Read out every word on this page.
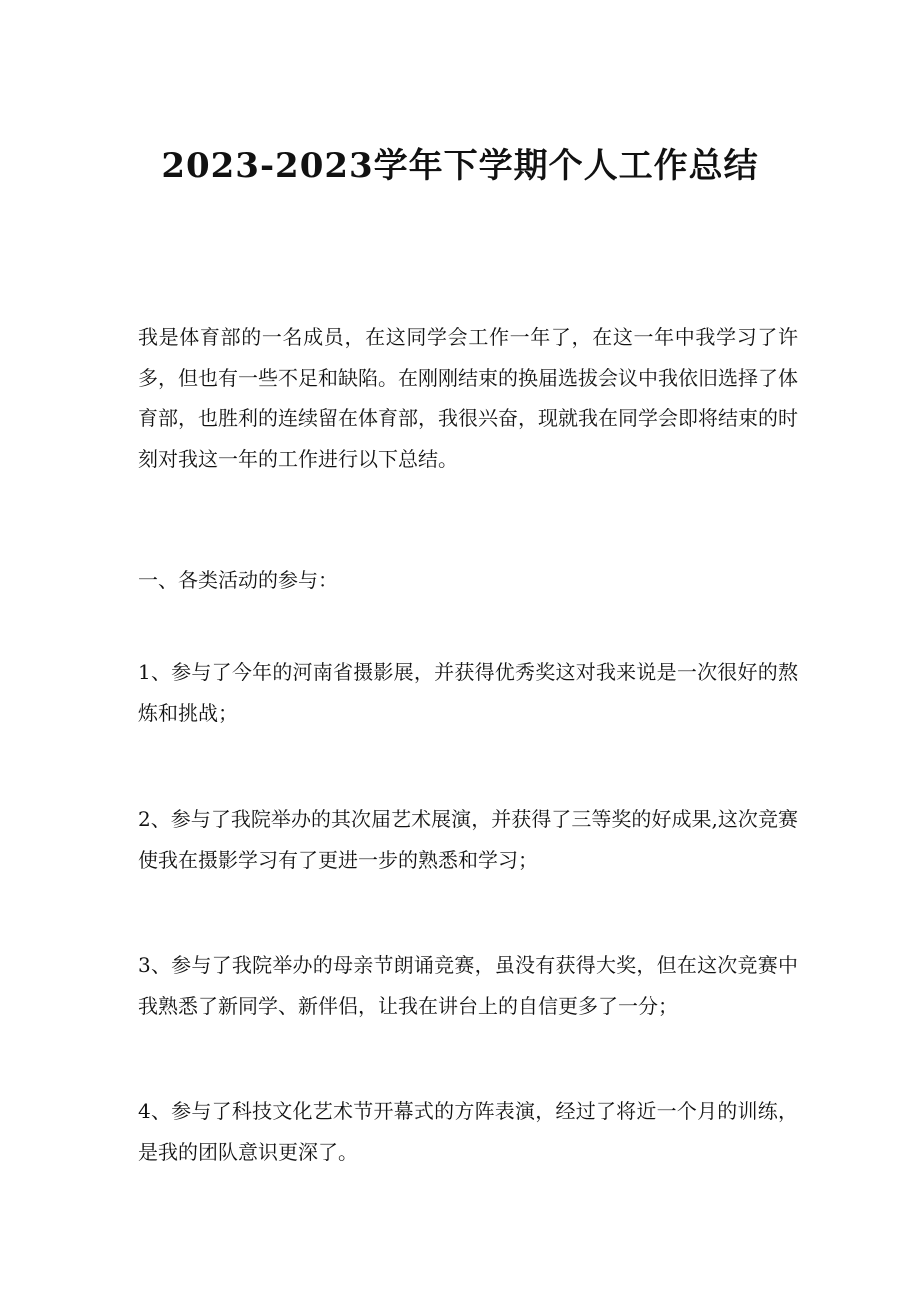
2023-2023学年下学期个人工作总结

我是体育部的一名成员，在这同学会工作一年了，在这一年中我学习了许多，但也有一些不足和缺陷。在刚刚结束的换届选拔会议中我依旧选择了体育部，也胜利的连续留在体育部，我很兴奋，现就我在同学会即将结束的时刻对我这一年的工作进行以下总结。

一、各类活动的参与：

1、参与了今年的河南省摄影展，并获得优秀奖这对我来说是一次很好的熬炼和挑战；

2、参与了我院举办的其次届艺术展演，并获得了三等奖的好成果,这次竞赛使我在摄影学习有了更进一步的熟悉和学习；

3、参与了我院举办的母亲节朗诵竞赛，虽没有获得大奖，但在这次竞赛中我熟悉了新同学、新伴侣，让我在讲台上的自信更多了一分；

4、参与了科技文化艺术节开幕式的方阵表演，经过了将近一个月的训练，是我的团队意识更深了。
